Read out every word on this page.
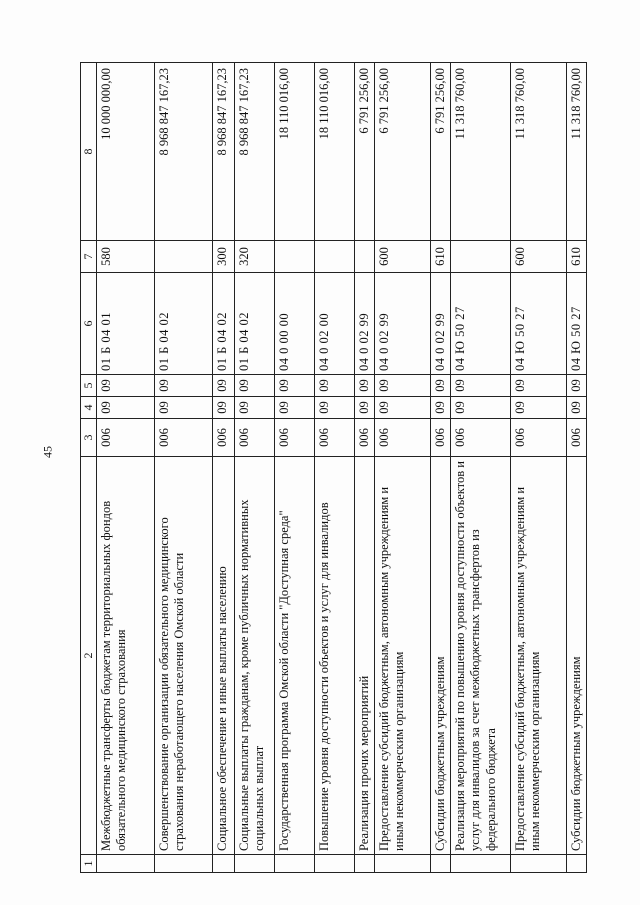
45
1	2	3	4	5	6	7	8
	Межбюджетные трансферты бюджетам территориальных фондов обязательного медицинского страхования	006	09	09	01 Б 04 01	580	10 000 000,00
	Совершенствование организации обязательного медицинского страхования неработающего населения Омской области	006	09	09	01 Б 04 02		8 968 847 167,23
	Социальное обеспечение и иные выплаты населению	006	09	09	01 Б 04 02	300	8 968 847 167,23
	Социальные выплаты гражданам, кроме публичных нормативных социальных выплат	006	09	09	01 Б 04 02	320	8 968 847 167,23
	Государственная программа Омской области "Доступная среда"	006	09	09	04 0 00 00		18 110 016,00
	Повышение уровня доступности объектов и услуг для инвалидов	006	09	09	04 0 02 00		18 110 016,00
	Реализация прочих мероприятий	006	09	09	04 0 02 99		6 791 256,00
	Предоставление субсидий бюджетным, автономным учреждениям и иным некоммерческим организациям	006	09	09	04 0 02 99	600	6 791 256,00
	Субсидии бюджетным учреждениям	006	09	09	04 0 02 99	610	6 791 256,00
	Реализация мероприятий по повышению уровня доступности объектов и услуг для инвалидов за счет межбюджетных трансфертов из федерального бюджета	006	09	09	04 Ю 50 27		11 318 760,00
	Предоставление субсидий бюджетным, автономным учреждениям и иным некоммерческим организациям	006	09	09	04 Ю 50 27	600	11 318 760,00
	Субсидии бюджетным учреждениям	006	09	09	04 Ю 50 27	610	11 318 760,00
